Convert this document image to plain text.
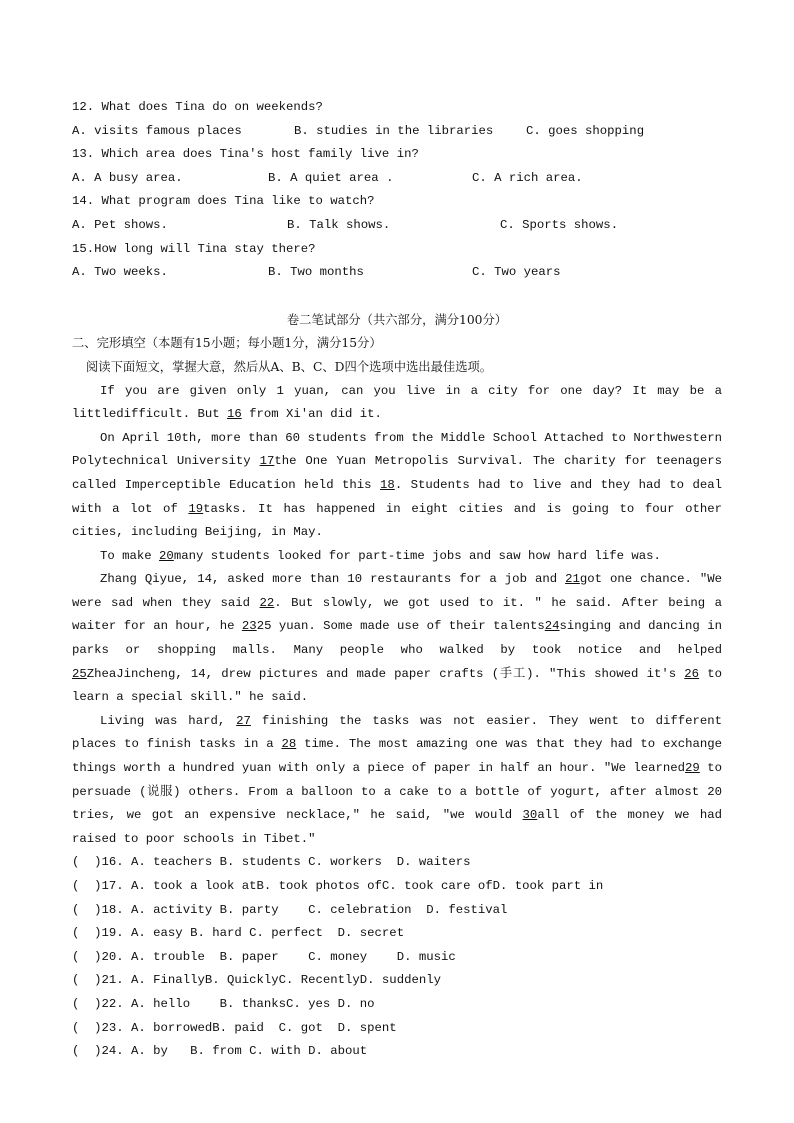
12. What does Tina do on weekends?
A. visits famous places	B. studies in the libraries	C. goes shopping
13. Which area does Tina's host family live in?
A. A busy area.	B. A quiet area .	C. A rich area.
14. What program does Tina like to watch?
A. Pet shows.	B. Talk shows.	C. Sports shows.
15.How long will Tina stay there?
A. Two weeks.	B. Two months	C. Two years
卷二笔试部分（共六部分，满分100分）
二、完形填空（本题有15小题；每小题1分，满分15分）
阅读下面短文，掌握大意，然后从A、B、C、D四个选项中选出最佳选项。

If you are given only 1 yuan, can you live in a city for one day? It may be a littledifficult. But 16 from Xi'an did it.

On April 10th, more than 60 students from the Middle School Attached to Northwestern Polytechnical University 17the One Yuan Metropolis Survival. The charity for teenagers called Imperceptible Education held this 18. Students had to live and they had to deal with a lot of 19tasks. It has happened in eight cities and is going to four other cities, including Beijing, in May.

To make 20many students looked for part-time jobs and saw how hard life was.

Zhang Qiyue, 14, asked more than 10 restaurants for a job and 21got one chance. "We were sad when they said 22. But slowly, we got used to it. " he said. After being a waiter for an hour, he 2325 yuan. Some made use of their talents24singing and dancing in parks or shopping malls. Many people who walked by took notice and helped 25ZheaJincheng, 14, drew pictures and made paper crafts (手工). "This showed it's 26 to learn a special skill." he said.

Living was hard, 27 finishing the tasks was not easier. They went to different places to finish tasks in a 28 time. The most amazing one was that they had to exchange things worth a hundred yuan with only a piece of paper in half an hour. "We learned29 to persuade (说服) others. From a balloon to a cake to a bottle of yogurt, after almost 20 tries, we got an expensive necklace," he said, "we would 30all of the money we had raised to poor schools in Tibet."

(  )16. A. teachers B. students C. workers  D. waiters
(  )17. A. took a look atB. took photos ofC. took care ofD. took part in
(  )18. A. activity B. party    C. celebration  D. festival
(  )19. A. easy B. hard C. perfect  D. secret
(  )20. A. trouble  B. paper    C. money    D. music
(  )21. A. FinallyB. QuicklyC. RecentlyD. suddenly
(  )22. A. hello    B. thanksC. yes D. no
(  )23. A. borrowedB. paid  C. got  D. spent
(  )24. A. by   B. from C. with D. about
